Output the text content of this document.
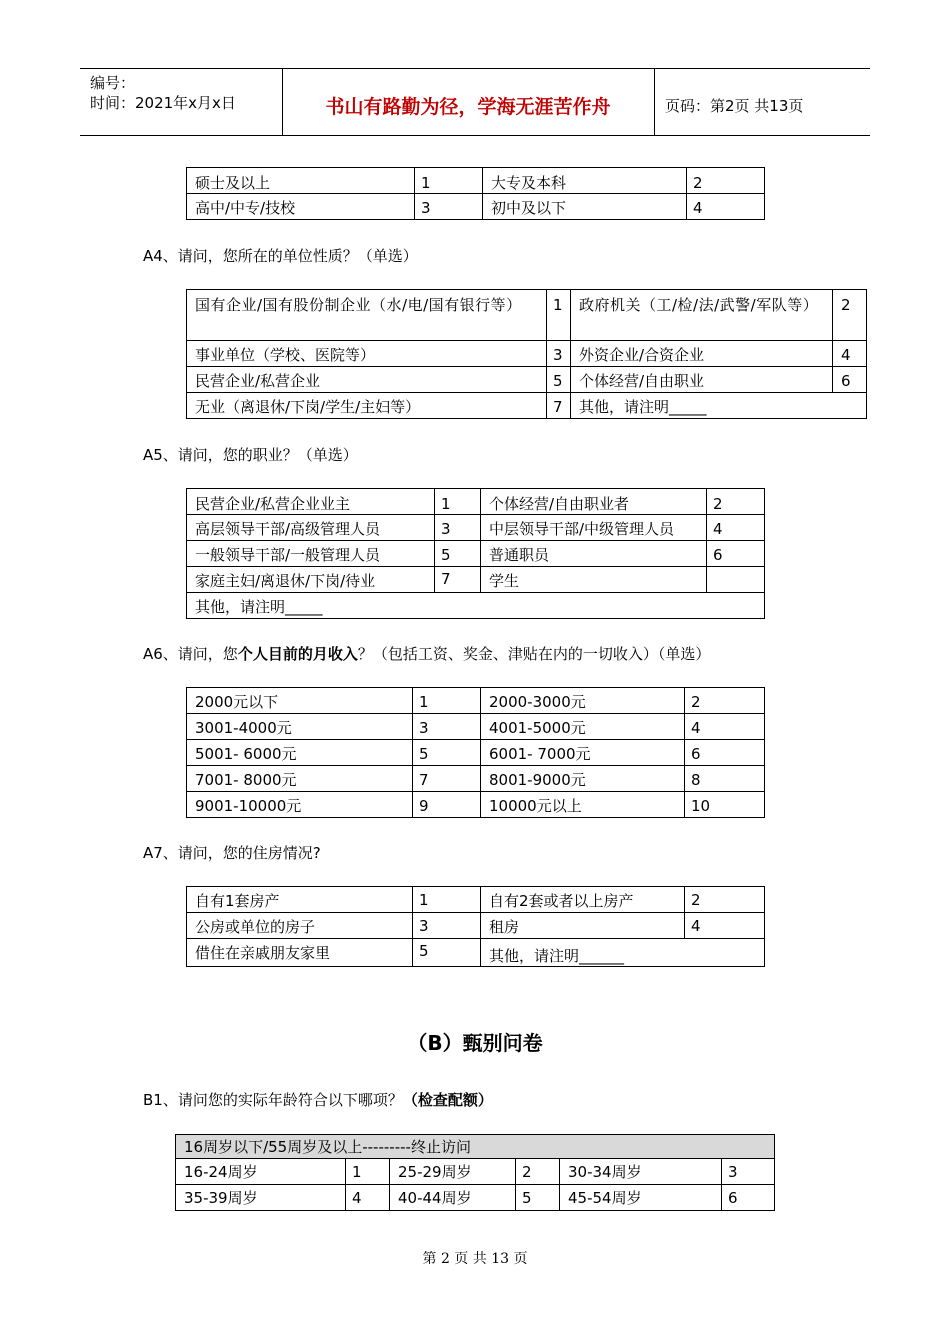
编号：
时间：2021年x月x日	书山有路勤为径，学海无涯苦作舟	页码：第2页 共13页
硕士及以上	1	大专及本科	2
高中/中专/技校	3	初中及以下	4
A4、请问，您所在的单位性质？（单选）
国有企业/国有股份制企业（水/电/国有银行等）	1	政府机关（工/检/法/武警/军队等）	2
事业单位（学校、医院等）	3	外资企业/合资企业	4
民营企业/私营企业	5	个体经营/自由职业	6
无业（离退休/下岗/学生/主妇等）	7	其他，请注明_____	
A5、请问，您的职业？（单选）
民营企业/私营企业业主	1	个体经营/自由职业者	2
高层领导干部/高级管理人员	3	中层领导干部/中级管理人员	4
一般领导干部/一般管理人员	5	普通职员	6
家庭主妇/离退休/下岗/待业	7	学生	
其他，请注明_____			
A6、请问，您个人目前的月收入？（包括工资、奖金、津贴在内的一切收入）（单选）
2000元以下	1	2000-3000元	2
3001-4000元	3	4001-5000元	4
5001- 6000元	5	6001- 7000元	6
7001- 8000元	7	8001-9000元	8
9001-10000元	9	10000元以上	10
A7、请问，您的住房情况?
自有1套房产	1	自有2套或者以上房产	2
公房或单位的房子	3	租房	4
借住在亲戚朋友家里	5	其他，请注明______	
（B）甄别问卷
B1、请问您的实际年龄符合以下哪项？（检查配额）
16周岁以下/55周岁及以上---------终止访问					
16-24周岁	1	25-29周岁	2	30-34周岁	3
35-39周岁	4	40-44周岁	5	45-54周岁	6
第 2 页 共 13 页
